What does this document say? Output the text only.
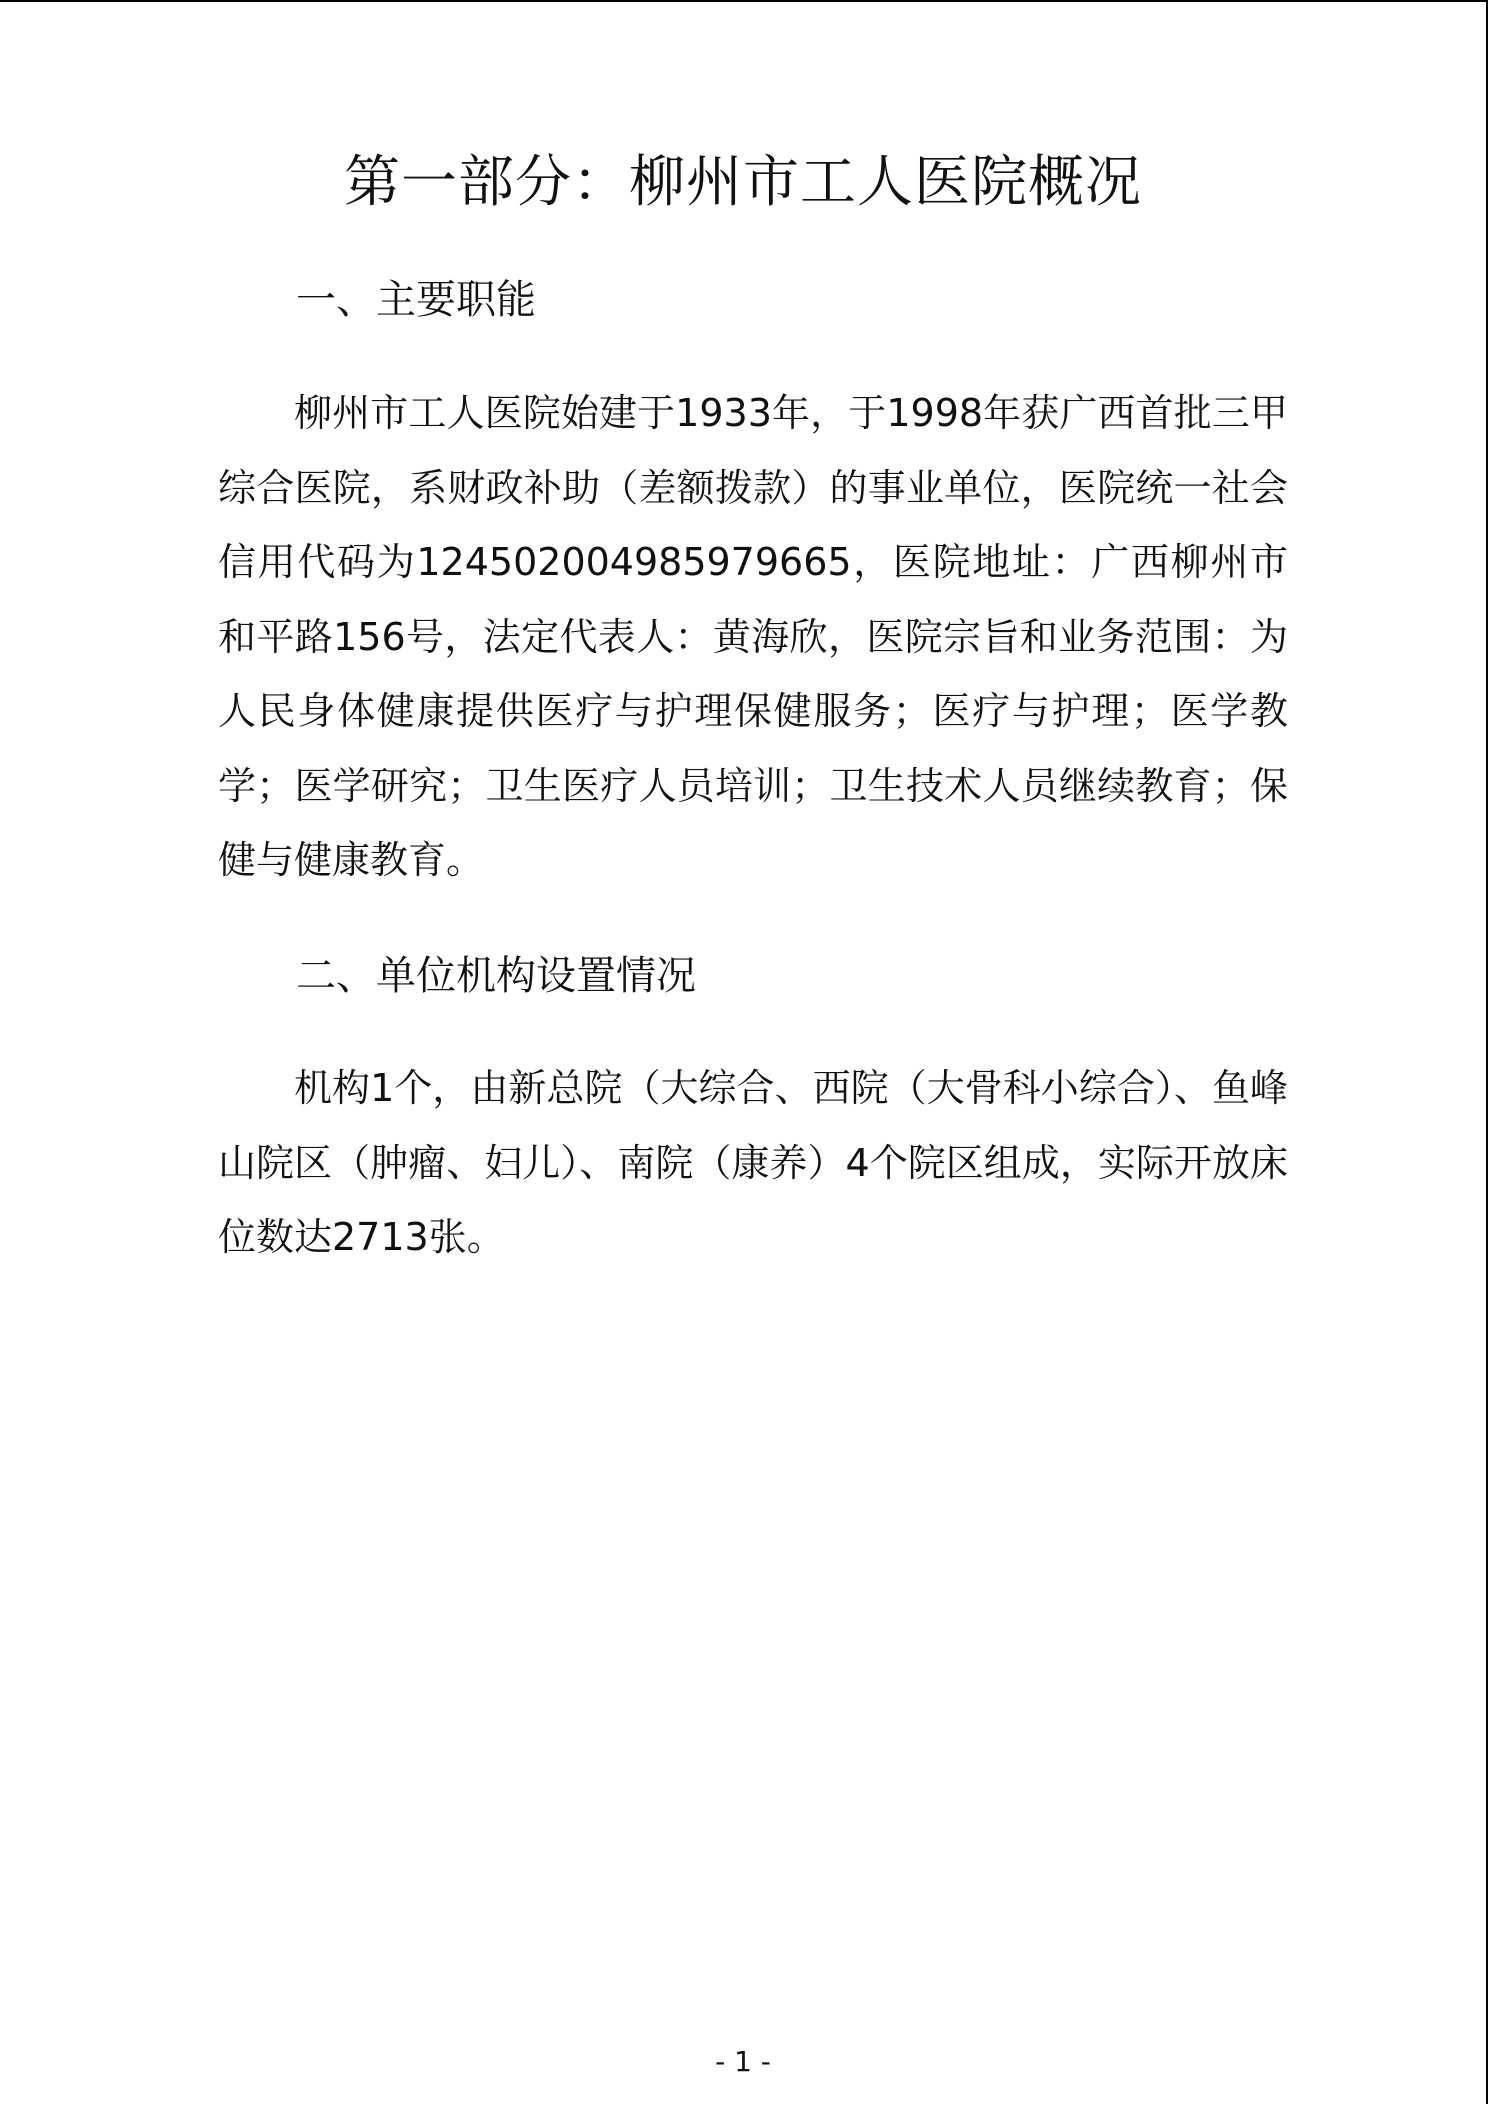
第一部分：柳州市工人医院概况
一、主要职能

柳州市工人医院始建于1933年，于1998年获广西首批三甲综合医院，系财政补助（差额拨款）的事业单位，医院统一社会信用代码为124502004985979665，医院地址：广西柳州市和平路156号，法定代表人：黄海欣，医院宗旨和业务范围：为人民身体健康提供医疗与护理保健服务；医疗与护理；医学教学；医学研究；卫生医疗人员培训；卫生技术人员继续教育；保健与健康教育。

二、单位机构设置情况

机构1个，由新总院（大综合、西院（大骨科小综合）、鱼峰山院区（肿瘤、妇儿）、南院（康养）4个院区组成，实际开放床位数达2713张。

- 1 -
